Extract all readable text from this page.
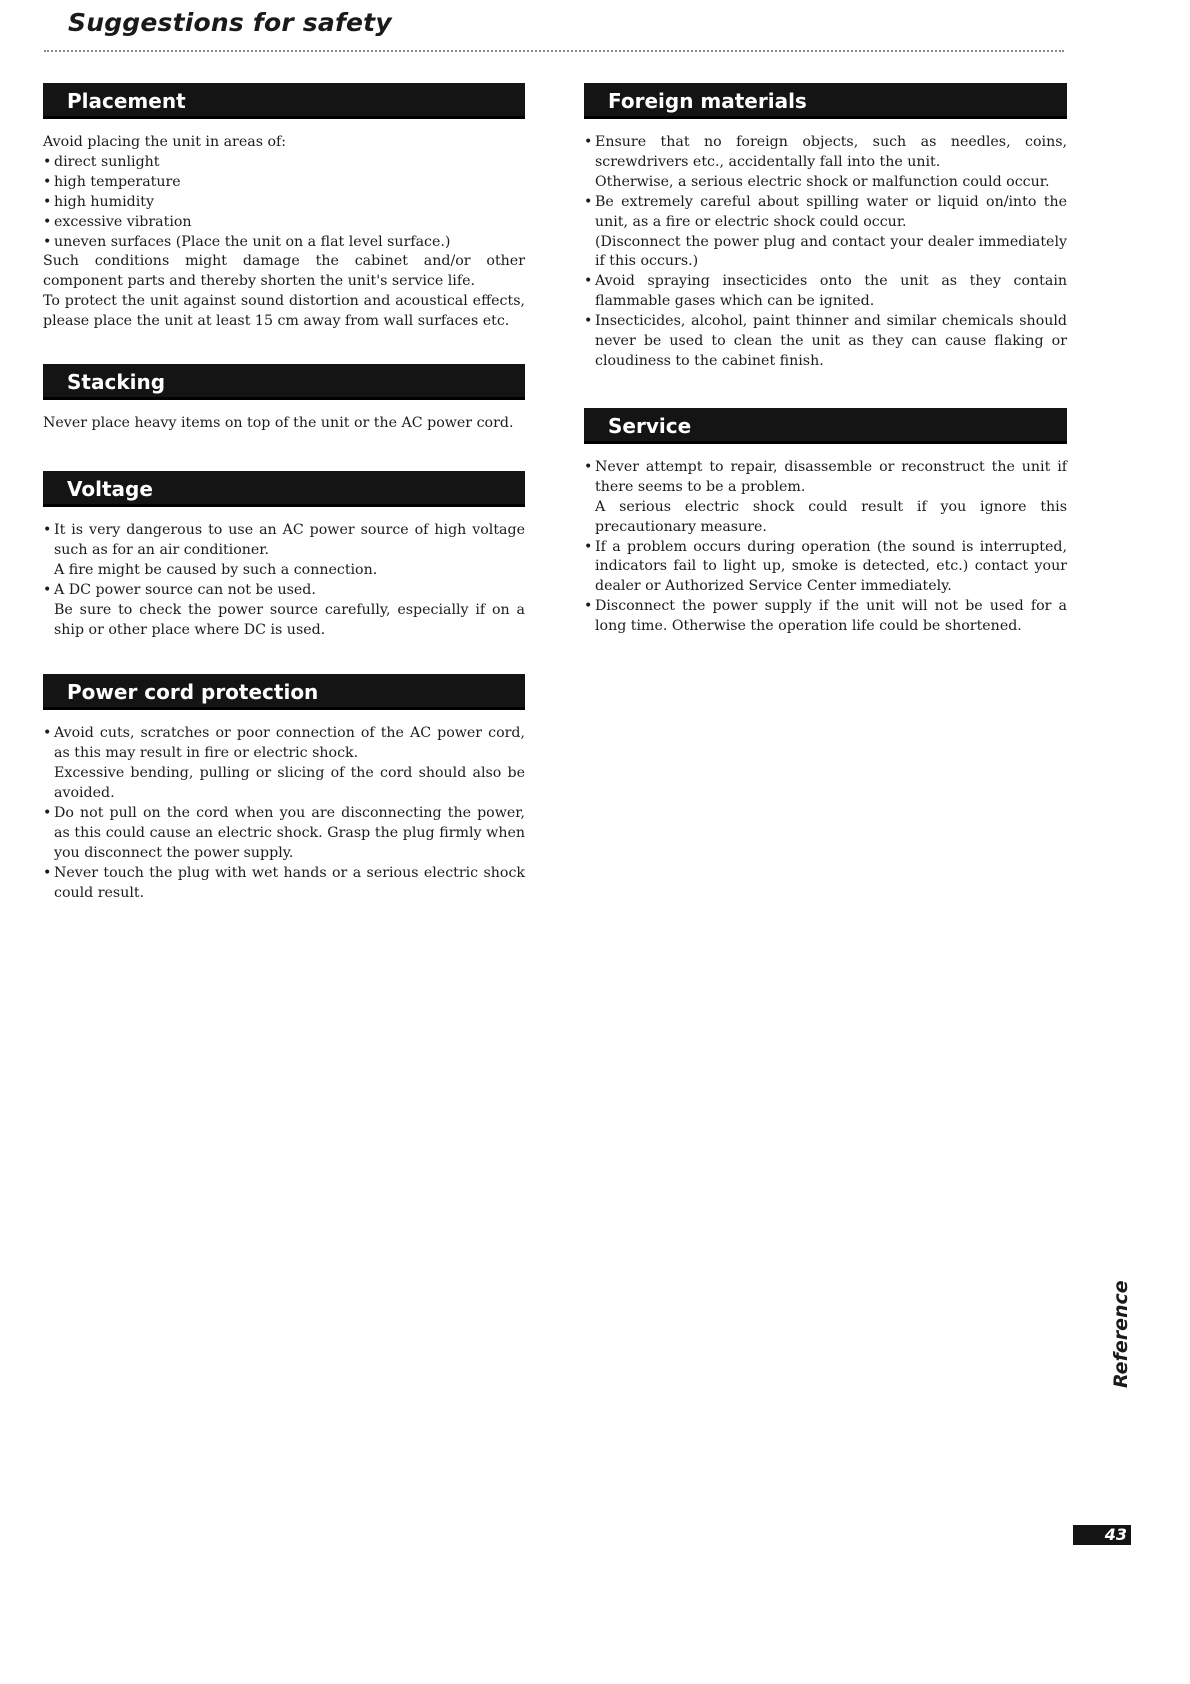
Suggestions for safety
Placement

Avoid placing the unit in areas of:

• direct sunlight
• high temperature
• high humidity
• excessive vibration
• uneven surfaces (Place the unit on a flat level surface.)

Such conditions might damage the cabinet and/or other component parts and thereby shorten the unit's service life.

To protect the unit against sound distortion and acoustical effects, please place the unit at least 15 cm away from wall surfaces etc.

Stacking

Never place heavy items on top of the unit or the AC power cord.

Voltage
• It is very dangerous to use an AC power source of high voltage such as for an air conditioner.
A fire might be caused by such a connection.
• A DC power source can not be used.
Be sure to check the power source carefully, especially if on a ship or other place where DC is used.
Power cord protection
• Avoid cuts, scratches or poor connection of the AC power cord, as this may result in fire or electric shock.
Excessive bending, pulling or slicing of the cord should also be avoided.
• Do not pull on the cord when you are disconnecting the power, as this could cause an electric shock. Grasp the plug firmly when you disconnect the power supply.
• Never touch the plug with wet hands or a serious electric shock could result.
Foreign materials
• Ensure that no foreign objects, such as needles, coins, screwdrivers etc., accidentally fall into the unit.
Otherwise, a serious electric shock or malfunction could occur.
• Be extremely careful about spilling water or liquid on/into the unit, as a fire or electric shock could occur.
(Disconnect the power plug and contact your dealer immediately if this occurs.)
• Avoid spraying insecticides onto the unit as they contain flammable gases which can be ignited.
• Insecticides, alcohol, paint thinner and similar chemicals should never be used to clean the unit as they can cause flaking or cloudiness to the cabinet finish.
Service
• Never attempt to repair, disassemble or reconstruct the unit if there seems to be a problem.
A serious electric shock could result if you ignore this precautionary measure.
• If a problem occurs during operation (the sound is interrupted, indicators fail to light up, smoke is detected, etc.) contact your dealer or Authorized Service Center immediately.
• Disconnect the power supply if the unit will not be used for a long time. Otherwise the operation life could be shortened.
Reference
43
